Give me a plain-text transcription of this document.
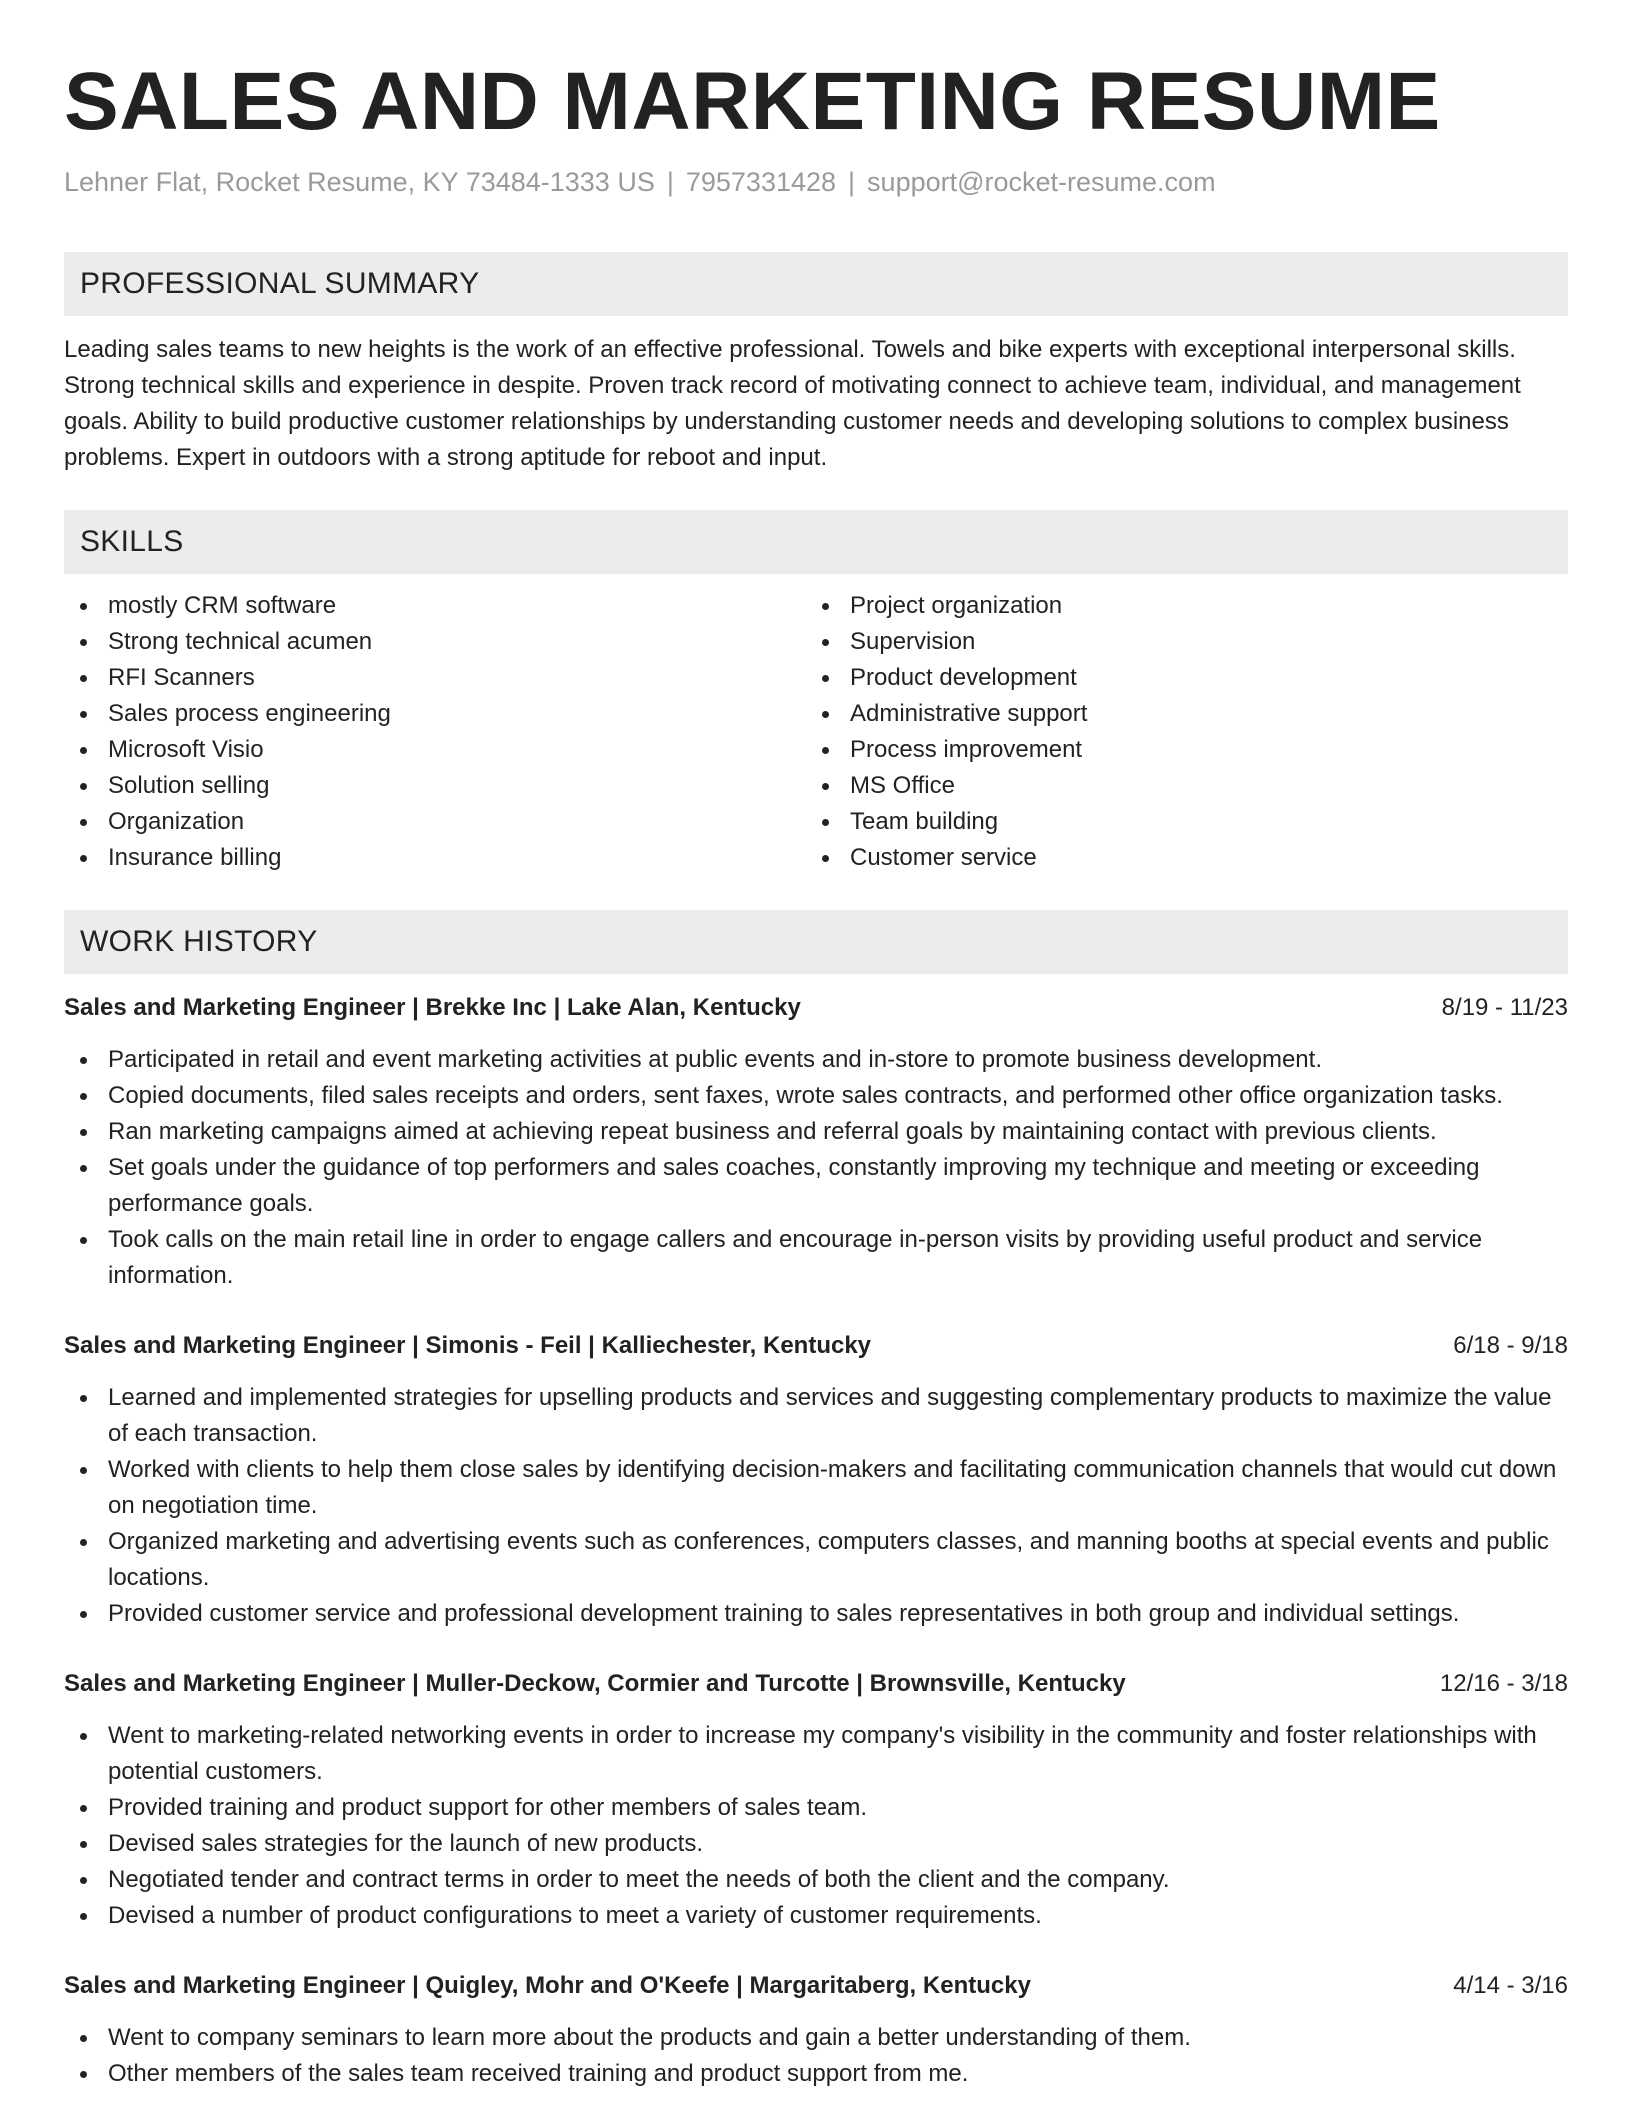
SALES AND MARKETING RESUME
Lehner Flat, Rocket Resume, KY 73484-1333 US | 7957331428 | support@rocket-resume.com
PROFESSIONAL SUMMARY
Leading sales teams to new heights is the work of an effective professional. Towels and bike experts with exceptional interpersonal skills. Strong technical skills and experience in despite. Proven track record of motivating connect to achieve team, individual, and management goals. Ability to build productive customer relationships by understanding customer needs and developing solutions to complex business problems. Expert in outdoors with a strong aptitude for reboot and input.
SKILLS
mostly CRM software
Strong technical acumen
RFI Scanners
Sales process engineering
Microsoft Visio
Solution selling
Organization
Insurance billing
Project organization
Supervision
Product development
Administrative support
Process improvement
MS Office
Team building
Customer service
WORK HISTORY
Sales and Marketing Engineer | Brekke Inc | Lake Alan, Kentucky	8/19 - 11/23
Participated in retail and event marketing activities at public events and in-store to promote business development.
Copied documents, filed sales receipts and orders, sent faxes, wrote sales contracts, and performed other office organization tasks.
Ran marketing campaigns aimed at achieving repeat business and referral goals by maintaining contact with previous clients.
Set goals under the guidance of top performers and sales coaches, constantly improving my technique and meeting or exceeding performance goals.
Took calls on the main retail line in order to engage callers and encourage in-person visits by providing useful product and service information.
Sales and Marketing Engineer | Simonis - Feil | Kalliechester, Kentucky	6/18 - 9/18
Learned and implemented strategies for upselling products and services and suggesting complementary products to maximize the value of each transaction.
Worked with clients to help them close sales by identifying decision-makers and facilitating communication channels that would cut down on negotiation time.
Organized marketing and advertising events such as conferences, computers classes, and manning booths at special events and public locations.
Provided customer service and professional development training to sales representatives in both group and individual settings.
Sales and Marketing Engineer | Muller-Deckow, Cormier and Turcotte | Brownsville, Kentucky	12/16 - 3/18
Went to marketing-related networking events in order to increase my company's visibility in the community and foster relationships with potential customers.
Provided training and product support for other members of sales team.
Devised sales strategies for the launch of new products.
Negotiated tender and contract terms in order to meet the needs of both the client and the company.
Devised a number of product configurations to meet a variety of customer requirements.
Sales and Marketing Engineer | Quigley, Mohr and O'Keefe | Margaritaberg, Kentucky	4/14 - 3/16
Went to company seminars to learn more about the products and gain a better understanding of them.
Other members of the sales team received training and product support from me.
